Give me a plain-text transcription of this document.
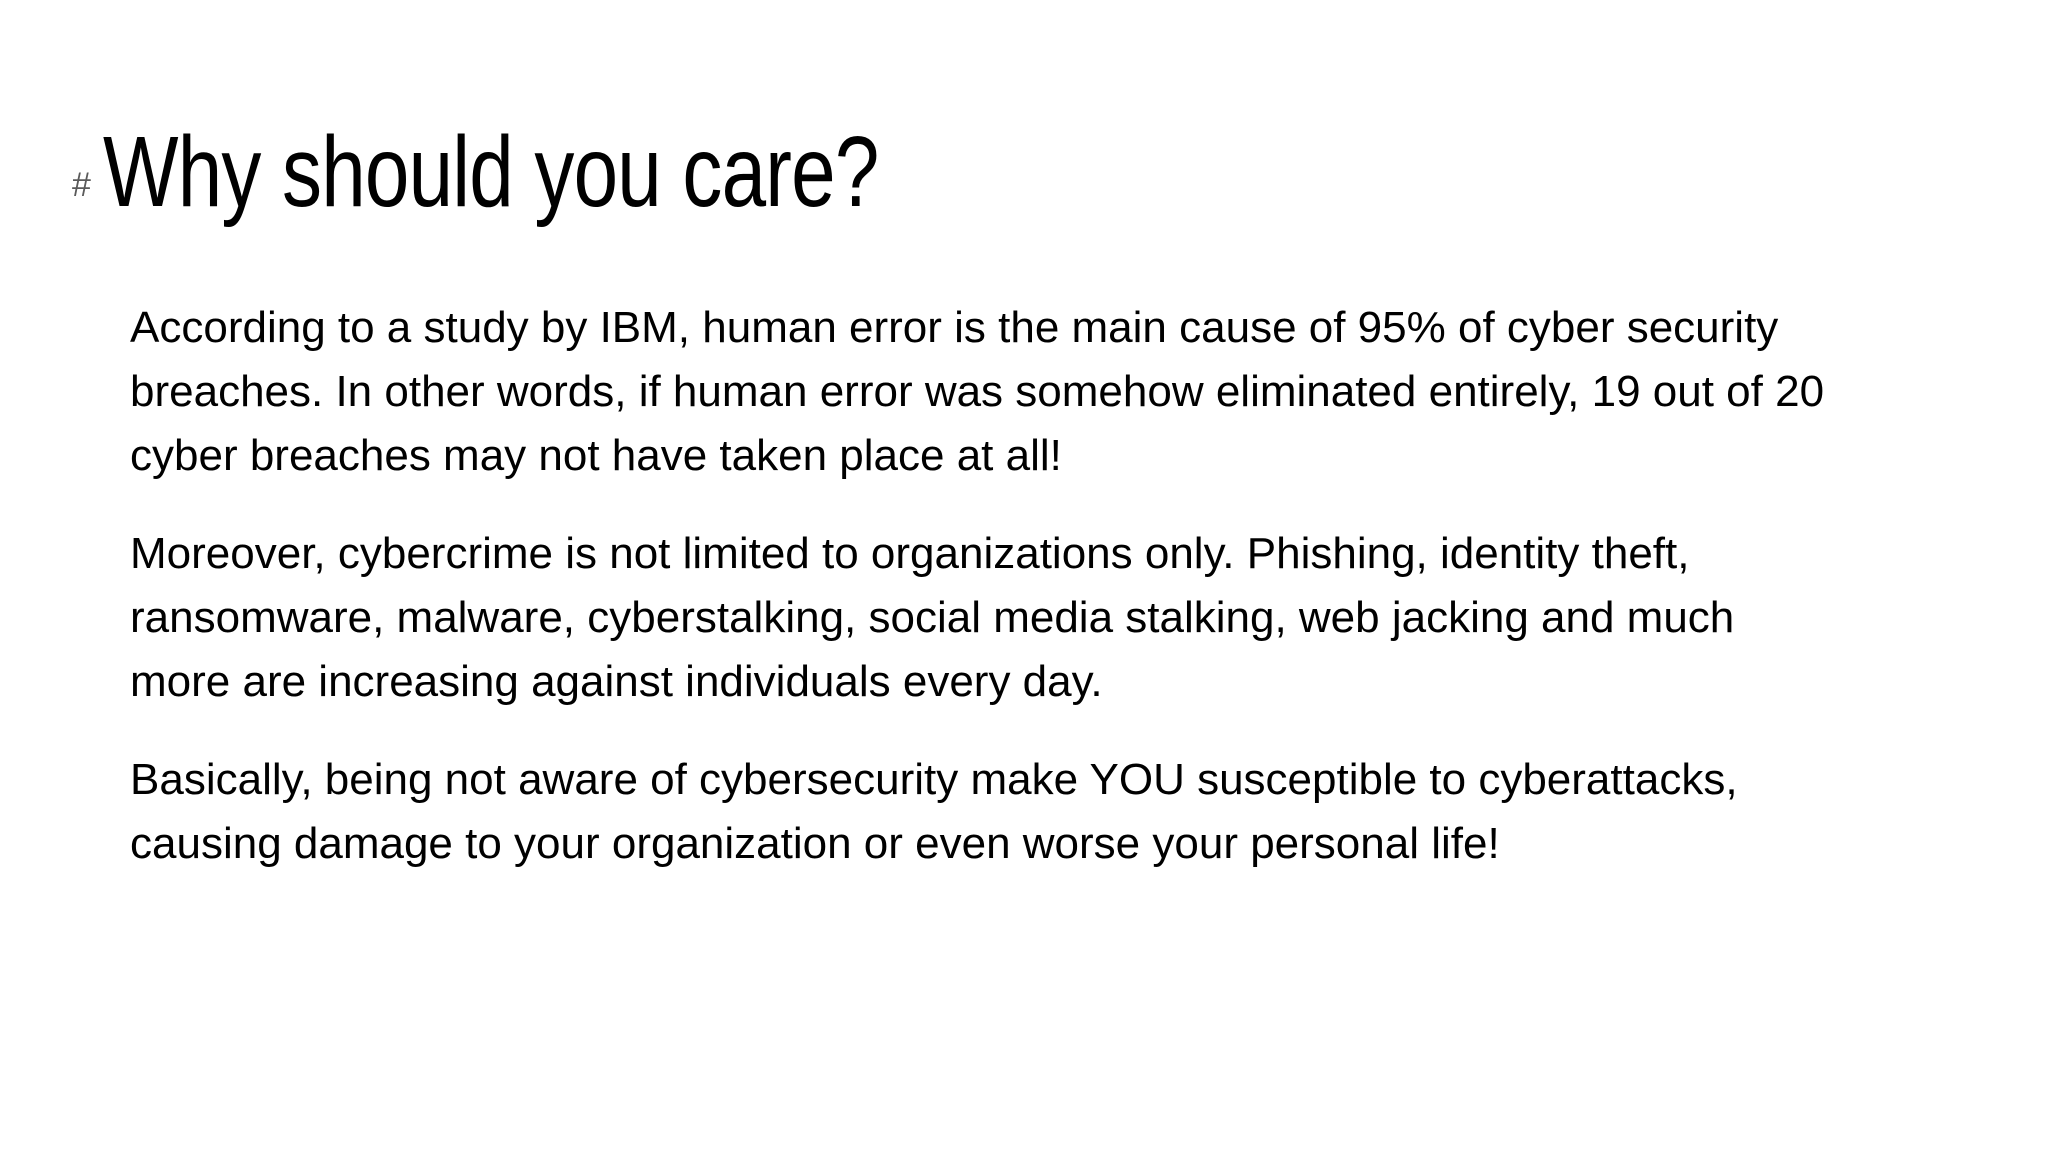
# Why should you care?

According to a study by IBM, human error is the main cause of 95% of cyber security
breaches. In other words, if human error was somehow eliminated entirely, 19 out of 20
cyber breaches may not have taken place at all!

Moreover, cybercrime is not limited to organizations only. Phishing, identity theft,
ransomware, malware, cyberstalking, social media stalking, web jacking and much
more are increasing against individuals every day.

Basically, being not aware of cybersecurity make YOU susceptible to cyberattacks,
causing damage to your organization or even worse your personal life!
